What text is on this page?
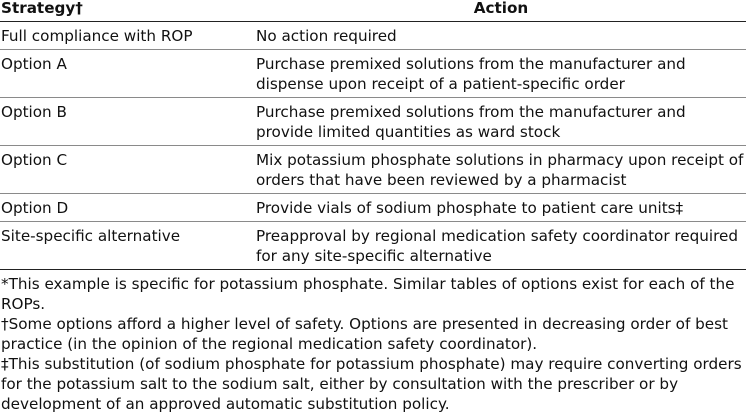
Strategy†	Action
Full compliance with ROP	No action required
Option A	Purchase premixed solutions from the manufacturer and dispense upon receipt of a patient-specific order
Option B	Purchase premixed solutions from the manufacturer and provide limited quantities as ward stock
Option C	Mix potassium phosphate solutions in pharmacy upon receipt of orders that have been reviewed by a pharmacist
Option D	Provide vials of sodium phosphate to patient care units‡
Site-specific alternative	Preapproval by regional medication safety coordinator required for any site-specific alternative

*This example is specific for potassium phosphate. Similar tables of options exist for each of the ROPs.

†Some options afford a higher level of safety. Options are presented in decreasing order of best practice (in the opinion of the regional medication safety coordinator).

‡This substitution (of sodium phosphate for potassium phosphate) may require converting orders for the potassium salt to the sodium salt, either by consultation with the prescriber or by development of an approved automatic substitution policy.
